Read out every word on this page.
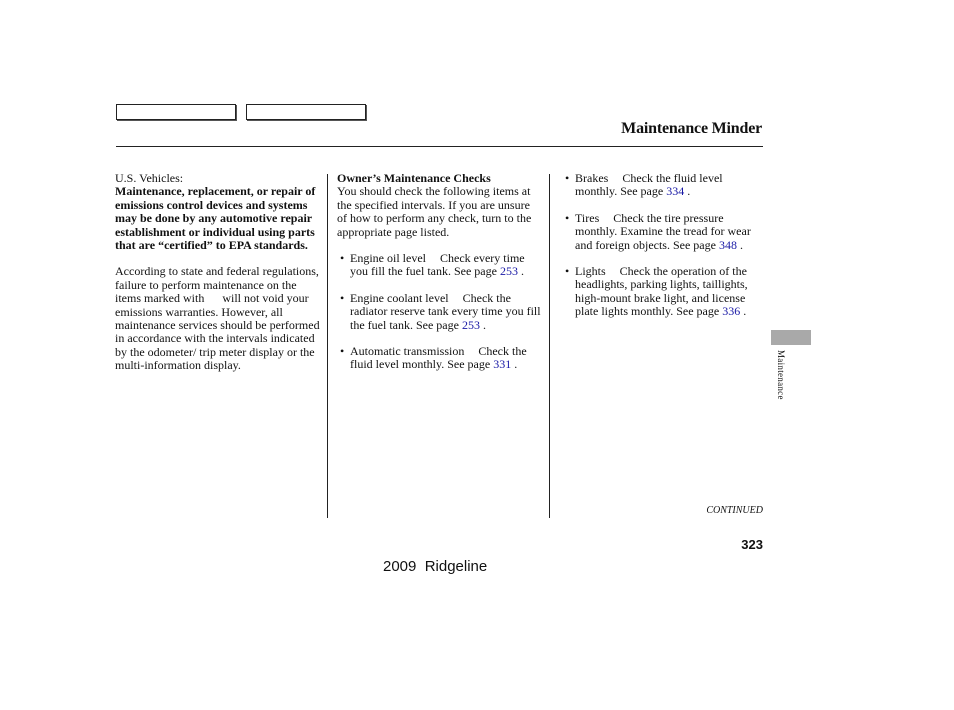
Maintenance Minder

U.S. Vehicles:

Maintenance, replacement, or repair of emissions control devices and systems may be done by any automotive repair establishment or individual using parts that are “certified” to EPA standards.

According to state and federal regulations, failure to perform maintenance on the items marked with      will not void your emissions warranties. However, all maintenance services should be performed in accordance with the intervals indicated by the odometer/ trip meter display or the multi-information display.

Owner’s Maintenance Checks

You should check the following items at the specified intervals. If you are unsure of how to perform any check, turn to the appropriate page listed.

• Engine oil level Check every time you fill the fuel tank. See page 253 .
• Engine coolant level Check the radiator reserve tank every time you fill the fuel tank. See page 253 .
• Automatic transmission Check the fluid level monthly. See page 331 .
• Brakes Check the fluid level monthly. See page 334 .
• Tires Check the tire pressure monthly. Examine the tread for wear and foreign objects. See page 348 .
• Lights Check the operation of the headlights, parking lights, taillights, high-mount brake light, and license plate lights monthly. See page 336 .
Maintenance
CONTINUED
323
2009  Ridgeline
